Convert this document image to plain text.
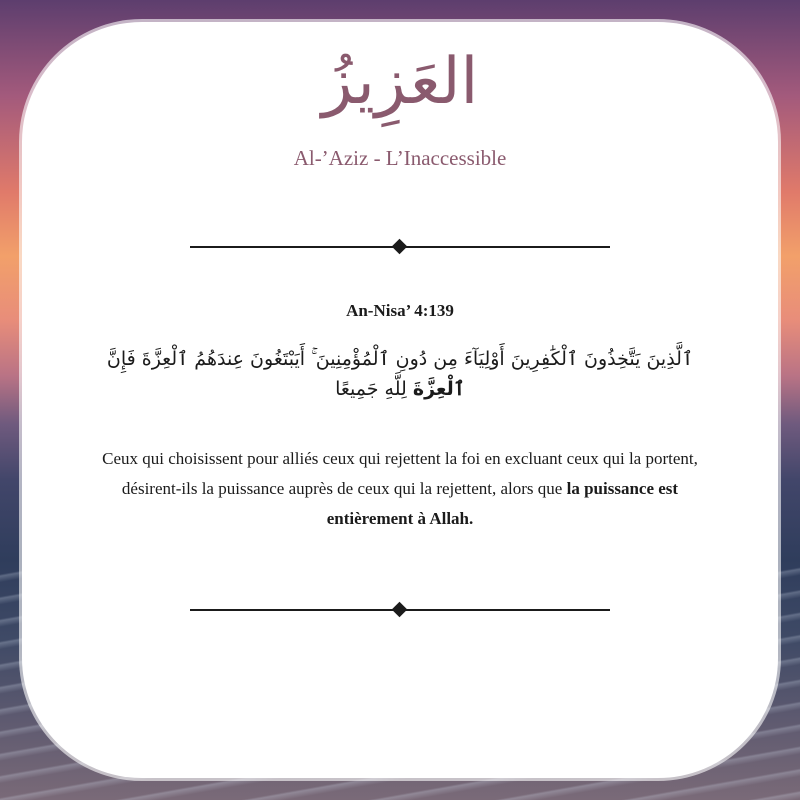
العَزِيزُ
Al-’Aziz - L’Inaccessible
An-Nisa’ 4:139
ٱلَّذِينَ يَتَّخِذُونَ ٱلْكَٰفِرِينَ أَوْلِيَآءَ مِن دُونِ ٱلْمُؤْمِنِينَ ۚ أَيَبْتَغُونَ عِندَهُمُ ٱلْعِزَّةَ فَإِنَّ
ٱلْعِزَّةَ لِلَّهِ جَمِيعًا
Ceux qui choisissent pour alliés ceux qui rejettent la foi en excluant ceux qui la portent, désirent-ils la puissance auprès de ceux qui la rejettent, alors que la puissance est entièrement à Allah.
